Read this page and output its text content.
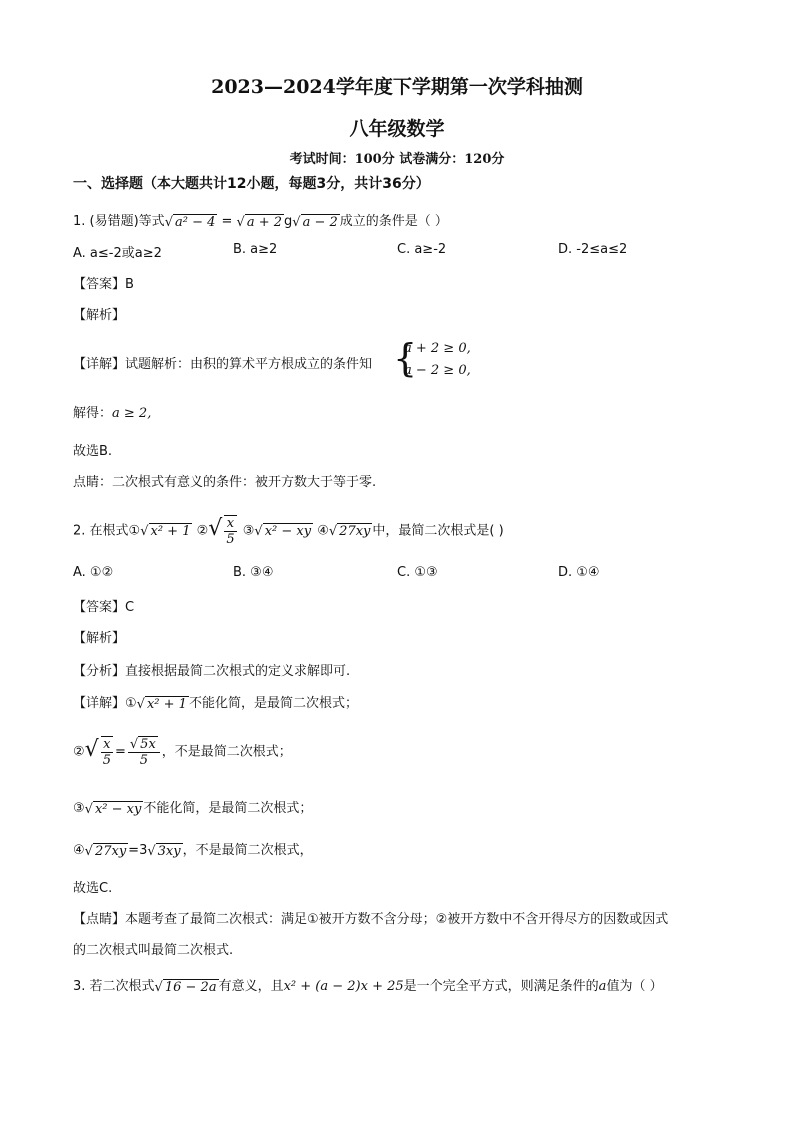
2023—2024学年度下学期第一次学科抽测
八年级数学
考试时间：100分 试卷满分：120分
一、选择题（本大题共计12小题，每题3分，共计36分）
1. (易错题)等式√ a² − 4 = √ a + 2 g√ a − 2 成立的条件是（ ）
A. a≤-2或a≥2	B. a≥2	C. a≥-2	D. -2≤a≤2
【答案】B
【解析】
【详解】试题解析：由积的算术平方根成立的条件知 {
a + 2 ≥ 0,
a − 2 ≥ 0,
解得：a ≥ 2,
故选B.
点睛：二次根式有意义的条件：被开方数大于等于零.
2. 在根式①√ x² + 1 ②√ $\frac{x}{5}$ ③√ x² − xy ④√ 27xy 中，最简二次根式是( )
A. ①②	B. ③④	C. ①③	D. ①④
【答案】C
【解析】
【分析】直接根据最简二次根式的定义求解即可.
【详解】①√ x² + 1 不能化简，是最简二次根式；
②√ $\frac{x}{5} = \frac{√ 5x}{5}$ ，不是最简二次根式；
③√ x² − xy 不能化简，是最简二次根式；
④√ 27xy =3√ 3xy ，不是最简二次根式，
故选C.
【点睛】本题考查了最简二次根式：满足①被开方数不含分母；②被开方数中不含开得尽方的因数或因式
的二次根式叫最简二次根式.
3. 若二次根式√ 16 − 2a 有意义，且x² + (a − 2)x + 25是一个完全平方式，则满足条件的a值为（ ）
